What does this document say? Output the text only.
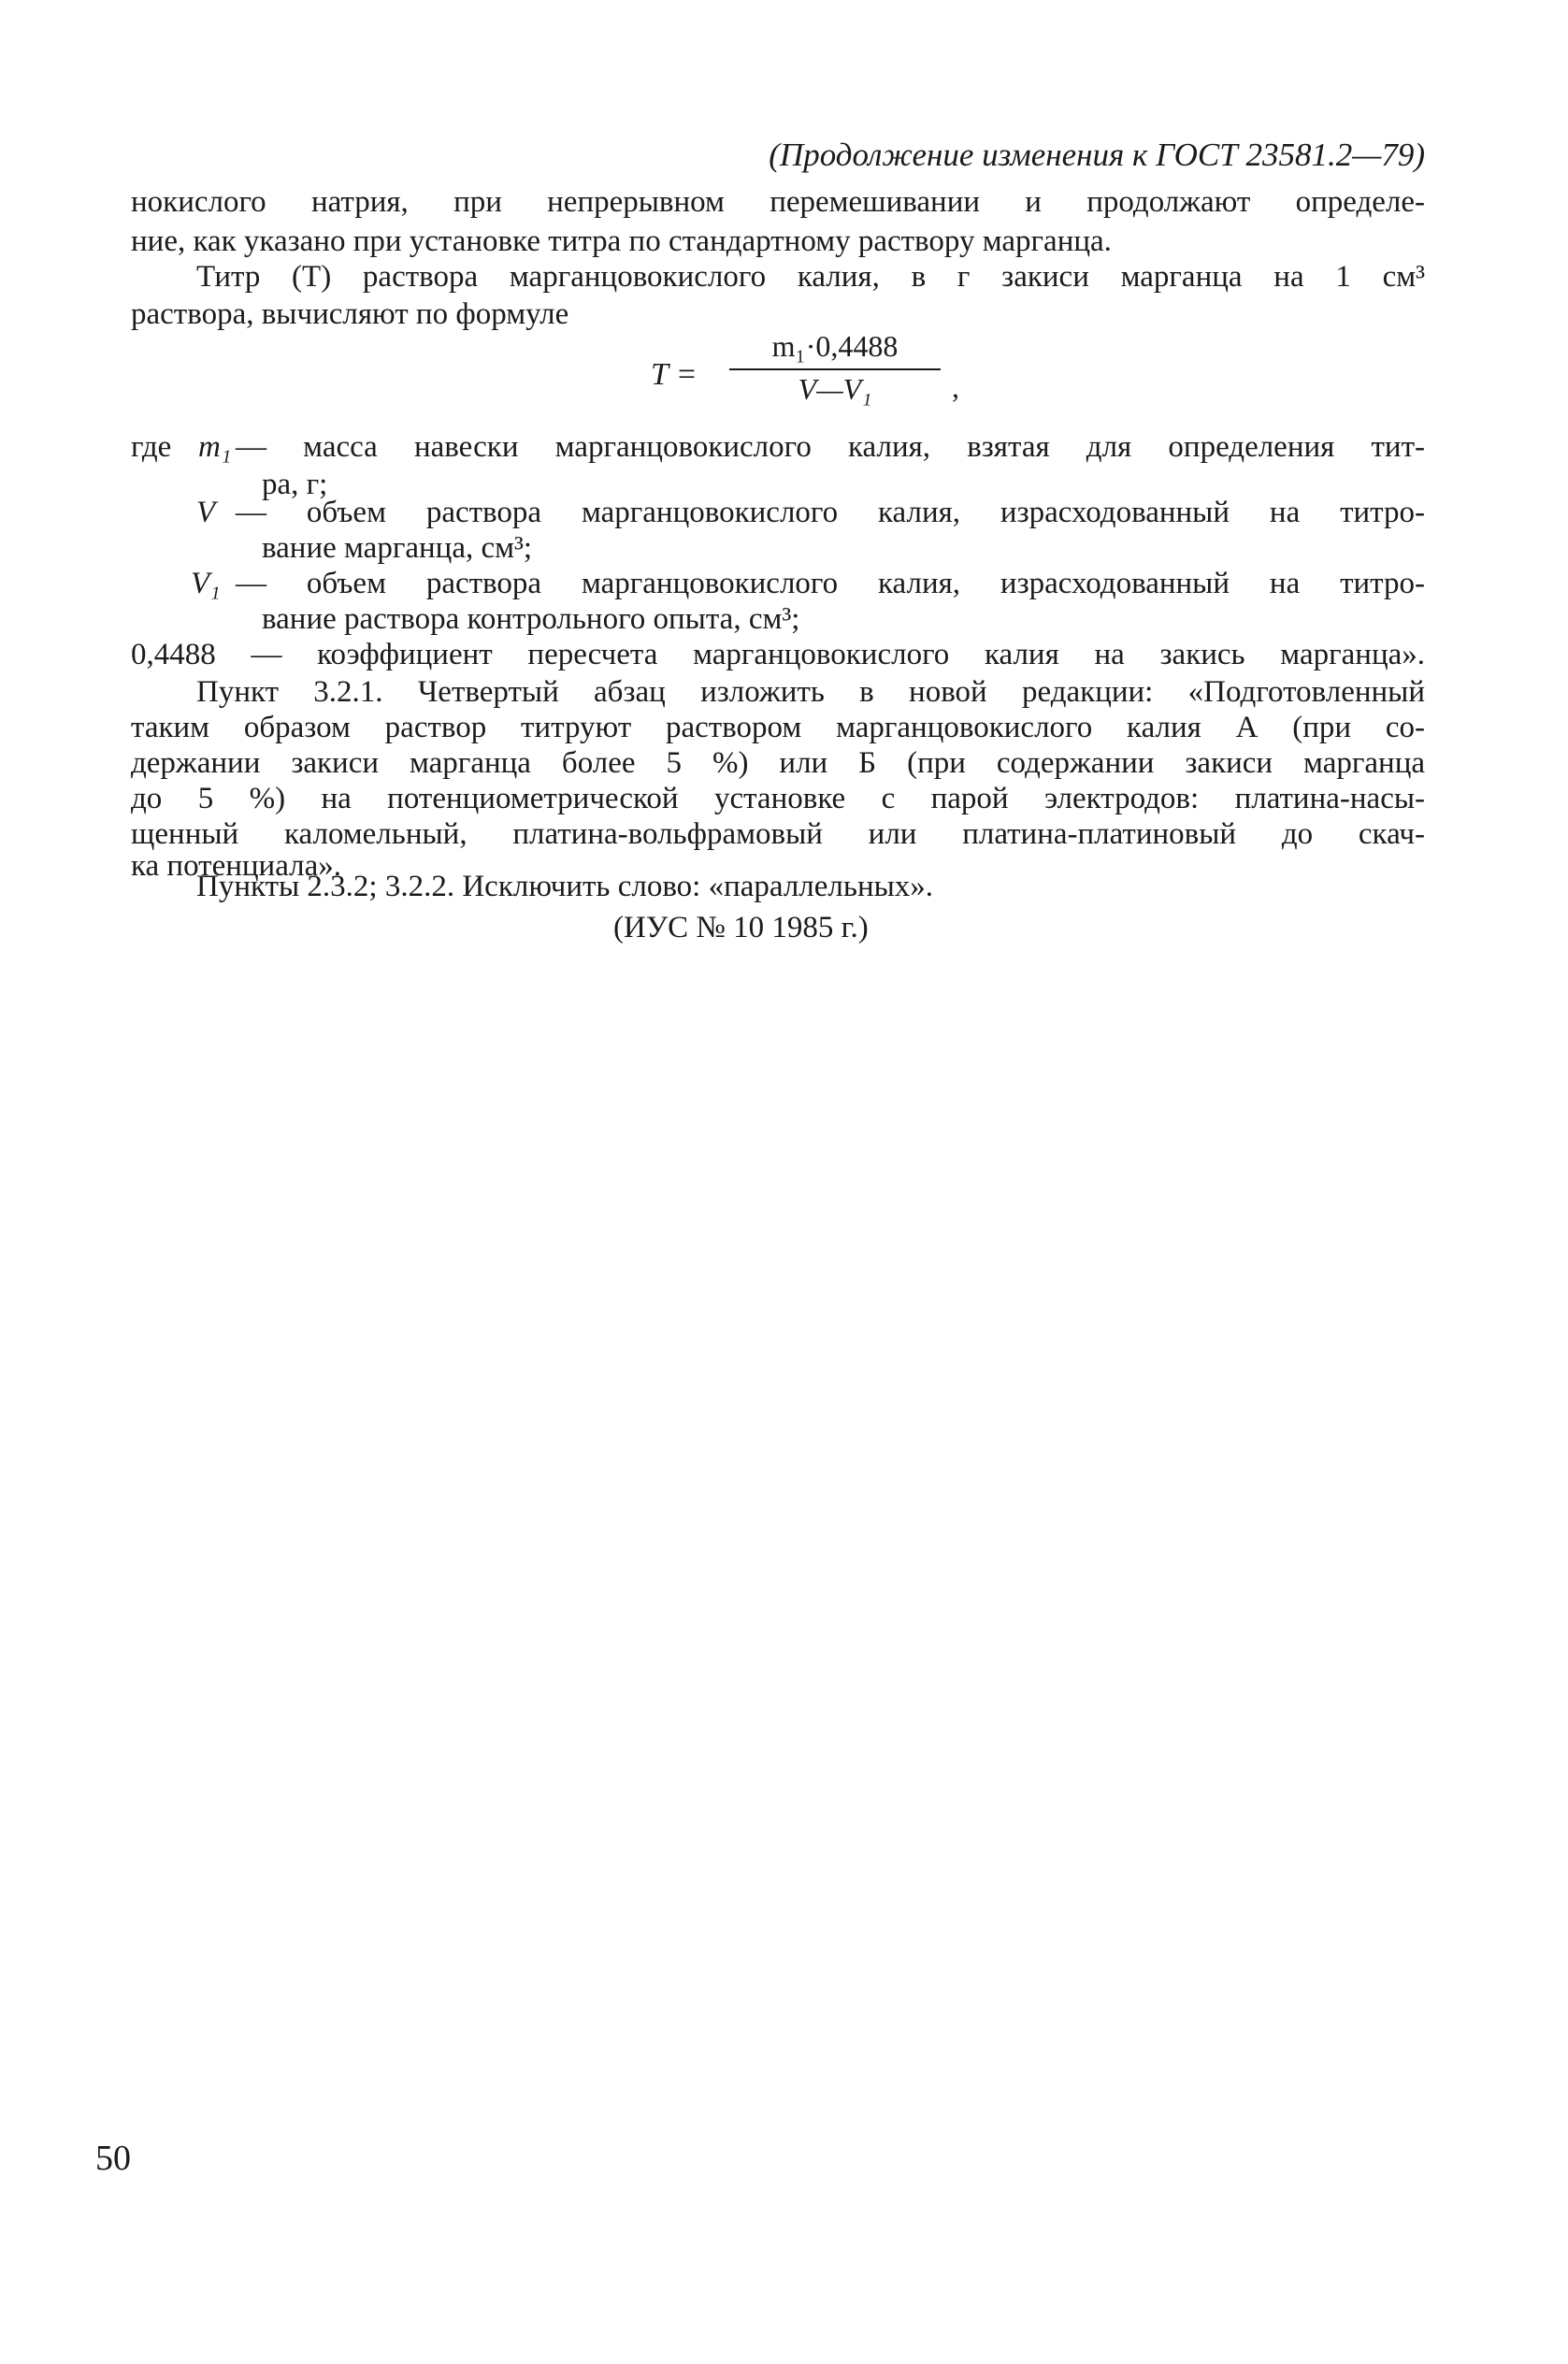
(Продолжение изменения к ГОСТ 23581.2—79)
нокислого натрия, при непрерывном перемешивании и продолжают определе-
ние, как указано при установке титра по стандартному раствору марганца.
Титр (T) раствора марганцовокислого калия, в г закиси марганца на 1 см³
раствора, вычисляют по формуле
T =
m₁·0,4488
V—V₁	,
где m₁ — масса навески марганцовокислого калия, взятая для определения тит-
ра, г;
V — объем раствора марганцовокислого калия, израсходованный на титро-
вание марганца, см³;
V₁ — объем раствора марганцовокислого калия, израсходованный на титро-
вание раствора контрольного опыта, см³;
0,4488 — коэффициент пересчета марганцовокислого калия на закись марганца».
Пункт 3.2.1. Четвертый абзац изложить в новой редакции: «Подготовленный
таким образом раствор титруют раствором марганцовокислого калия А (при со-
держании закиси марганца более 5 %) или Б (при содержании закиси марганца
до 5 %) на потенциометрической установке с парой электродов: платина-насы-
щенный каломельный, платина-вольфрамовый или платина-платиновый до скач-
ка потенциала».
Пункты 2.3.2; 3.2.2. Исключить слово: «параллельных».
(ИУС № 10 1985 г.)
50
